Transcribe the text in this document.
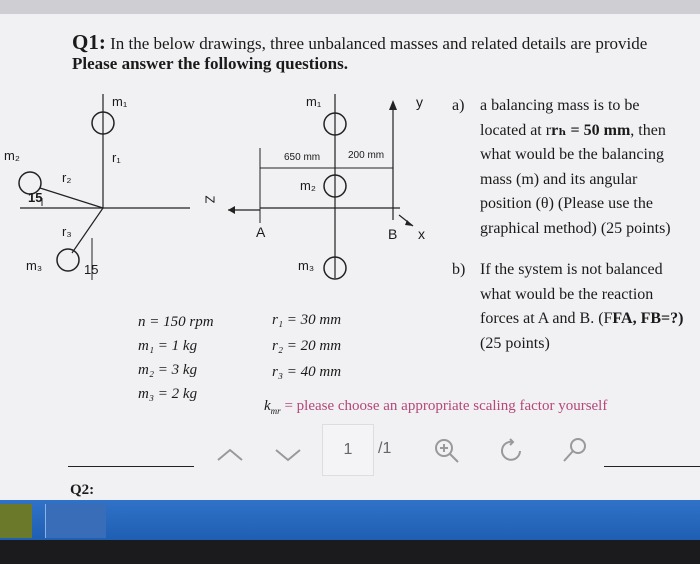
Q1: In the below drawings, three unbalanced masses and related details are provide
Please answer the following questions.
m₁
r₁
m₂
r₂
15
r₃
m₃	15
Z
m₁
650 mm	200 mm
m₂
m₃
y
x
A	B
a) a balancing mass is to be
located at rrₕ = 50 mm, then
what would be the balancing
mass (m) and its angular
position (θ) (Please use the
graphical method) (25 points)
b) If the system is not balanced
what would be the reaction
forces at A and B. (FFA, FB=?)
(25 points)
n = 150 rpm
m₁ = 1 kg
m₂ = 3 kg
m₃ = 2 kg
r₁ = 30 mm
r₂ = 20 mm
r₃ = 40 mm
$k_{mr}$ = please choose an appropriate scaling factor yourself
1	/1
Q2:
